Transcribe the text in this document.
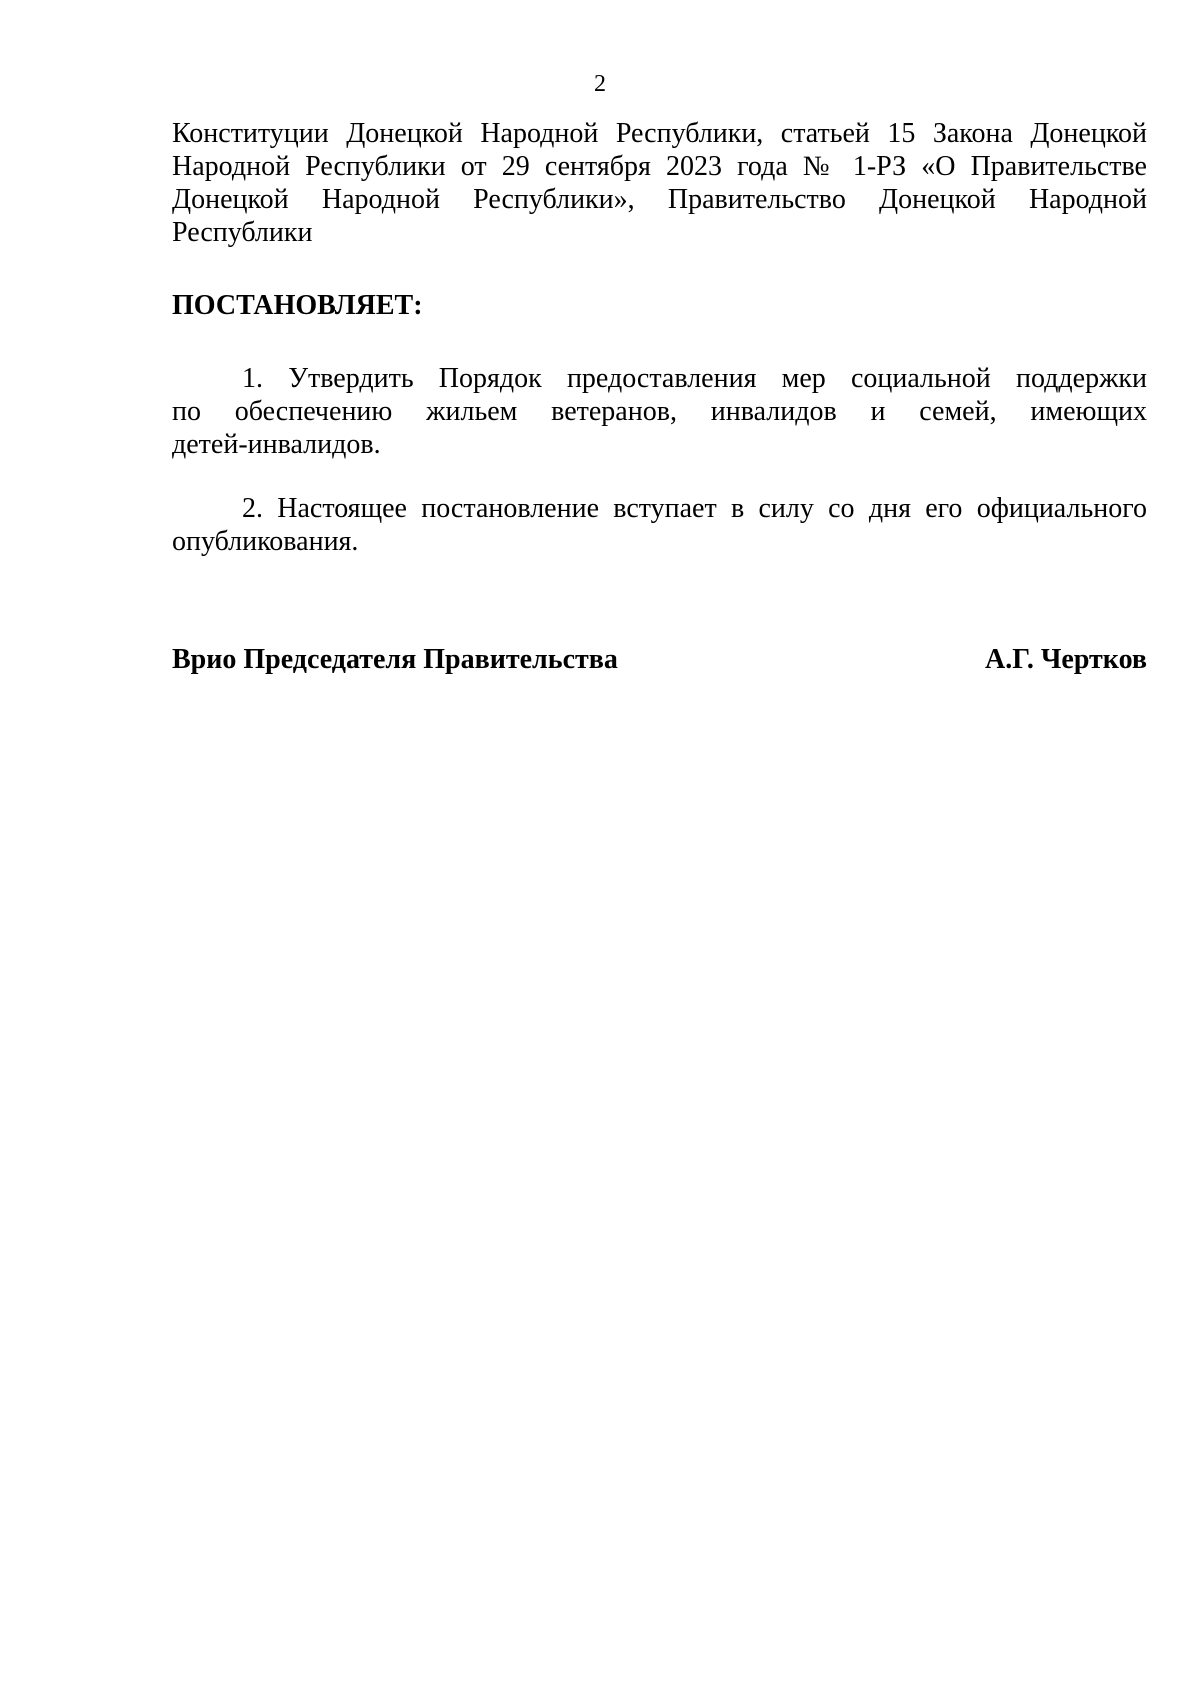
2
Конституции Донецкой Народной Республики, статьей 15 Закона Донецкой
Народной Республики от 29 сентября 2023 года № 1-РЗ «О Правительстве
Донецкой Народной Республики», Правительство Донецкой Народной
Республики
ПОСТАНОВЛЯЕТ:
1. Утвердить Порядок предоставления мер социальной поддержки
по обеспечению жильем ветеранов, инвалидов и семей, имеющих
детей-инвалидов.
2. Настоящее постановление вступает в силу со дня его официального
опубликования.
Врио Председателя Правительства	А.Г. Чертков
